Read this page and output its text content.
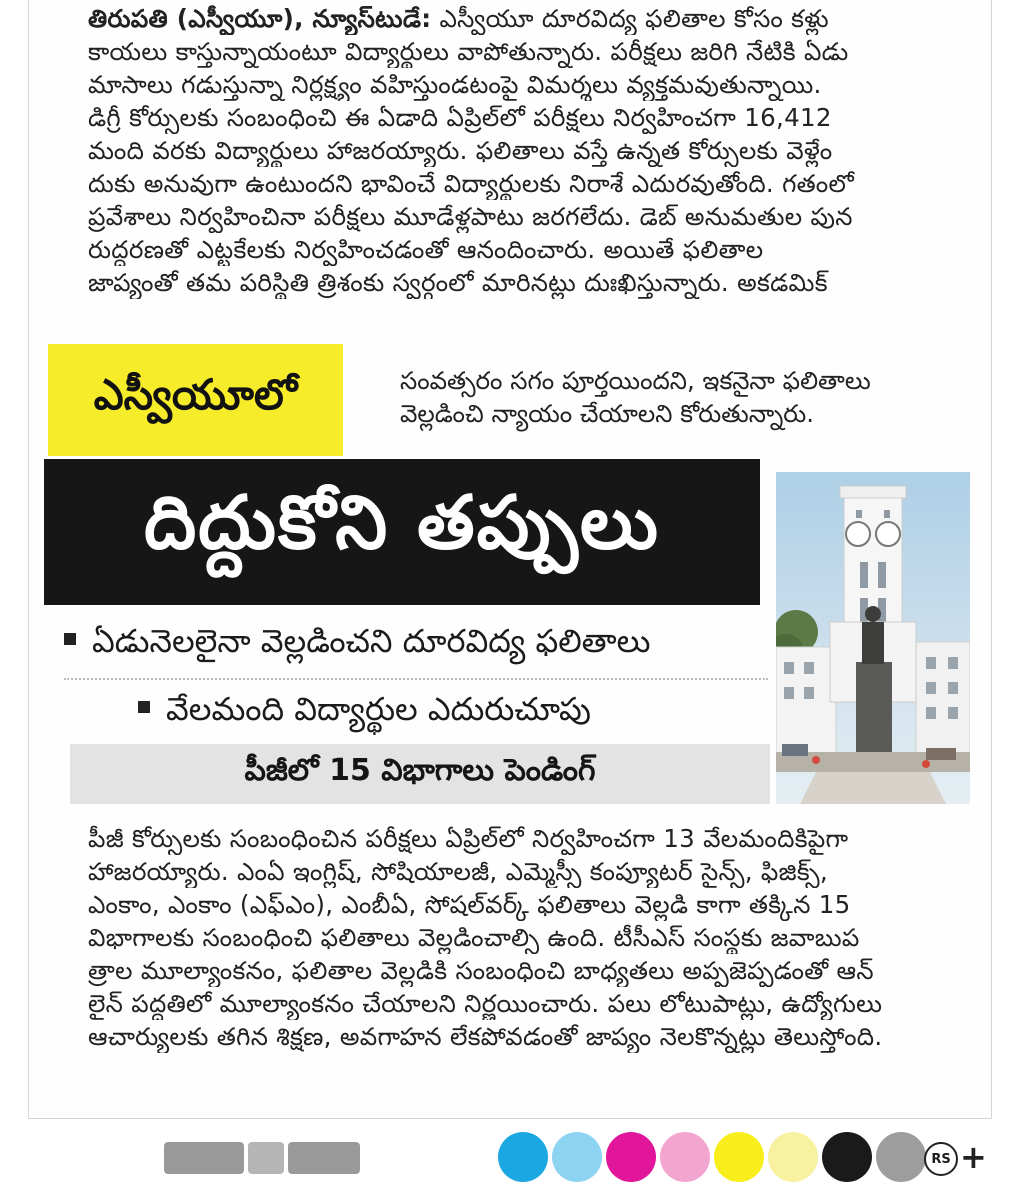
తిరుపతి (ఎస్వీయూ), న్యూస్‌టుడే: ఎస్వీయూ దూరవిద్య ఫలితాల కోసం కళ్లు
కాయలు కాస్తున్నాయంటూ విద్యార్థులు వాపోతున్నారు. పరీక్షలు జరిగి నేటికి ఏడు
మాసాలు గడుస్తున్నా నిర్లక్ష్యం వహిస్తుండటంపై విమర్శలు వ్యక్తమవుతున్నాయి.
డిగ్రీ కోర్సులకు సంబంధించి ఈ ఏడాది ఏప్రిల్‌లో పరీక్షలు నిర్వహించగా 16,412
మంది వరకు విద్యార్థులు హాజరయ్యారు. ఫలితాలు వస్తే ఉన్నత కోర్సులకు వెళ్లేం
దుకు అనువుగా ఉంటుందని భావించే విద్యార్థులకు నిరాశే ఎదురవుతోంది. గతంలో
ప్రవేశాలు నిర్వహించినా పరీక్షలు మూడేళ్లపాటు జరగలేదు. డెబ్ అనుమతుల పున
రుద్ధరణతో ఎట్టకేలకు నిర్వహించడంతో ఆనందించారు. అయితే ఫలితాల
జాప్యంతో తమ పరిస్థితి త్రిశంకు స్వర్గంలో మారినట్లు దుఃఖిస్తున్నారు. అకడమిక్
సంవత్సరం సగం పూర్తయిందని, ఇకనైనా ఫలితాలు
వెల్లడించి న్యాయం చేయాలని కోరుతున్నారు.
ఎస్వీయూలో
దిద్దుకోని తప్పులు
ఏడునెలలైనా వెల్లడించని దూరవిద్య ఫలితాలు
వేలమంది విద్యార్థుల ఎదురుచూపు
పీజీలో 15 విభాగాలు పెండింగ్
పీజీ కోర్సులకు సంబంధించిన పరీక్షలు ఏప్రిల్‌లో నిర్వహించగా 13 వేలమందికిపైగా
హాజరయ్యారు. ఎంఏ ఇంగ్లిష్, సోషియాలజీ, ఎమ్మెస్సీ కంప్యూటర్ సైన్స్, ఫిజిక్స్,
ఎంకాం, ఎంకాం (ఎఫ్ఎం), ఎంబీఏ, సోషల్‌వర్క్ ఫలితాలు వెల్లడి కాగా తక్కిన 15
విభాగాలకు సంబంధించి ఫలితాలు వెల్లడించాల్సి ఉంది. టీసీఎస్ సంస్థకు జవాబుప
త్రాల మూల్యాంకనం, ఫలితాల వెల్లడికి సంబంధించి బాధ్యతలు అప్పజెప్పడంతో ఆన్
లైన్ పద్ధతిలో మూల్యాంకనం చేయాలని నిర్ణయించారు. పలు లోటుపాట్లు, ఉద్యోగులు
ఆచార్యులకు తగిన శిక్షణ, అవగాహన లేకపోవడంతో జాప్యం నెలకొన్నట్లు తెలుస్తోంది.
RS +
